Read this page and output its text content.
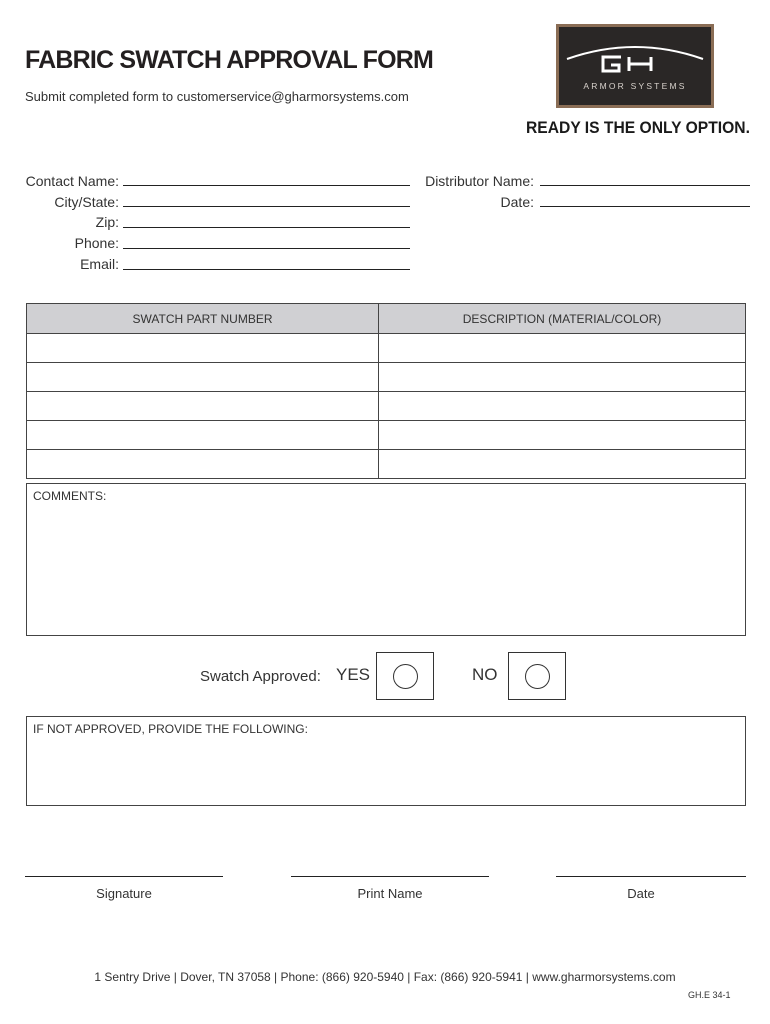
FABRIC SWATCH APPROVAL FORM
Submit completed form to customerservice@gharmorsystems.com
ARMOR SYSTEMS
READY IS THE ONLY OPTION.
Contact Name:
City/State:
Zip:
Phone:
Email:
Distributor Name:
Date:
SWATCH PART NUMBER	DESCRIPTION (MATERIAL/COLOR)

COMMENTS:
Swatch Approved: YES	NO
IF NOT APPROVED, PROVIDE THE FOLLOWING:
Signature	Print Name	Date
1 Sentry Drive | Dover, TN 37058 | Phone: (866) 920-5940 | Fax: (866) 920-5941 | www.gharmorsystems.com
GH.E 34-1
